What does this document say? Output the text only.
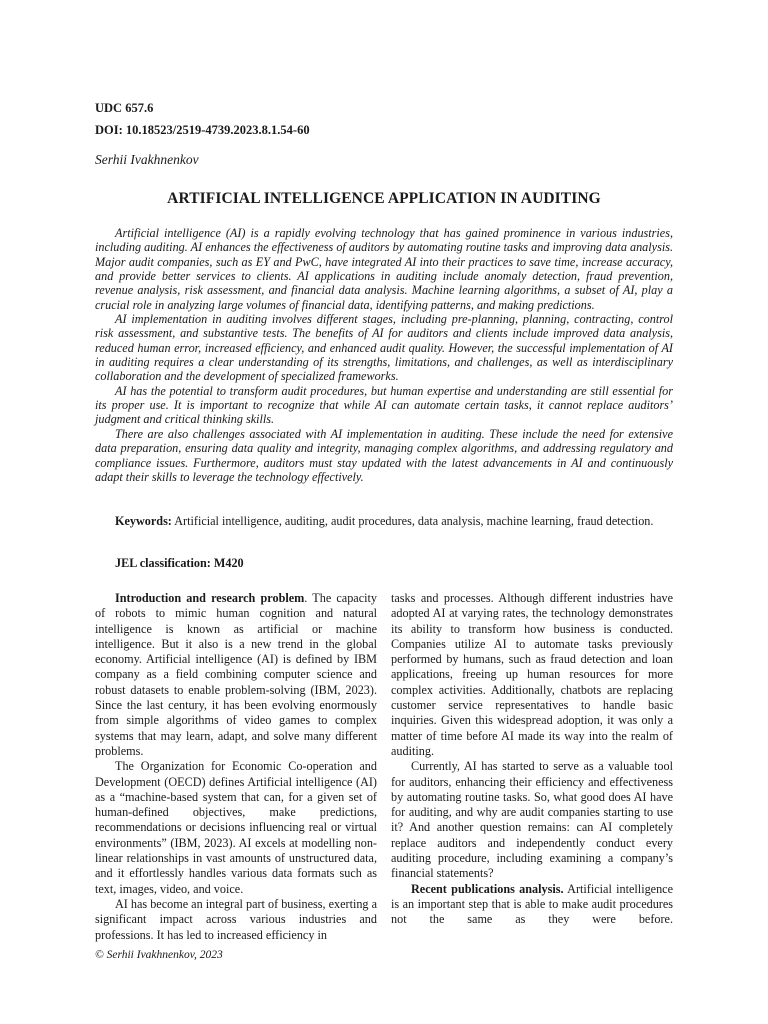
UDC 657.6
DOI: 10.18523/2519-4739.2023.8.1.54-60
Serhii Ivakhnenkov
ARTIFICIAL INTELLIGENCE APPLICATION IN AUDITING

Artificial intelligence (AI) is a rapidly evolving technology that has gained prominence in various industries, including auditing. AI enhances the effectiveness of auditors by automating routine tasks and improving data analysis. Major audit companies, such as EY and PwC, have integrated AI into their practices to save time, increase accuracy, and provide better services to clients. AI applications in auditing include anomaly detection, fraud prevention, revenue analysis, risk assessment, and financial data analysis. Machine learning algorithms, a subset of AI, play a crucial role in analyzing large volumes of financial data, identifying patterns, and making predictions.

AI implementation in auditing involves different stages, including pre-planning, planning, contracting, control risk assessment, and substantive tests. The benefits of AI for auditors and clients include improved data analysis, reduced human error, increased efficiency, and enhanced audit quality. However, the successful implementation of AI in auditing requires a clear understanding of its strengths, limitations, and challenges, as well as interdisciplinary collaboration and the development of specialized frameworks.

AI has the potential to transform audit procedures, but human expertise and understanding are still essential for its proper use. It is important to recognize that while AI can automate certain tasks, it cannot replace auditors’ judgment and critical thinking skills.

There are also challenges associated with AI implementation in auditing. These include the need for extensive data preparation, ensuring data quality and integrity, managing complex algorithms, and addressing regulatory and compliance issues. Furthermore, auditors must stay updated with the latest advancements in AI and continuously adapt their skills to leverage the technology effectively.

Keywords: Artificial intelligence, auditing, audit procedures, data analysis, machine learning, fraud detection.

JEL classification: M420

Introduction and research problem. The capacity of robots to mimic human cognition and natural intelligence is known as artificial or machine intelligence. But it also is a new trend in the global economy. Artificial intelligence (AI) is defined by IBM company as a field combining computer science and robust datasets to enable problem-solving (IBM, 2023). Since the last century, it has been evolving enormously from simple algorithms of video games to complex systems that may learn, adapt, and solve many different problems.

The Organization for Economic Co-operation and Development (OECD) defines Artificial intelligence (AI) as a “machine-based system that can, for a given set of human-defined objectives, make predictions, recommendations or decisions influencing real or virtual environments” (IBM, 2023). AI excels at modelling non-linear relationships in vast amounts of unstructured data, and it effortlessly handles various data formats such as text, images, video, and voice.

AI has become an integral part of business, exerting a significant impact across various industries and professions. It has led to increased efficiency in

tasks and processes. Although different industries have adopted AI at varying rates, the technology demonstrates its ability to transform how business is conducted. Companies utilize AI to automate tasks previously performed by humans, such as fraud detection and loan applications, freeing up human resources for more complex activities. Additionally, chatbots are replacing customer service representatives to handle basic inquiries. Given this widespread adoption, it was only a matter of time before AI made its way into the realm of auditing.

Currently, AI has started to serve as a valuable tool for auditors, enhancing their efficiency and effectiveness by automating routine tasks. So, what good does AI have for auditing, and why are audit companies starting to use it? And another question remains: can AI completely replace auditors and independently conduct every auditing procedure, including examining a company’s financial statements?

Recent publications analysis. Artificial intelligence is an important step that is able to make audit procedures not the same as they were before.

© Serhii Ivakhnenkov, 2023
